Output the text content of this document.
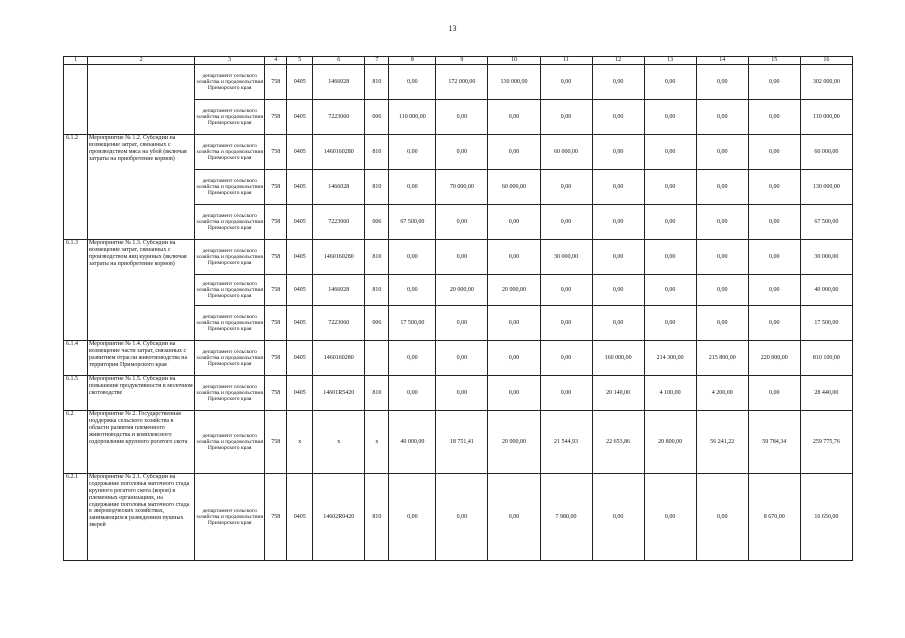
13
1	2	3	4	5	6	7	8	9	10	11	12	13	14	15	16
		департамент сельского хозяйства и продовольствия Приморского края	758	0405	1466028	810	0,00	172 000,00	130 000,00	0,00	0,00	0,00	0,00	0,00	302 000,00
		департамент сельского хозяйства и продовольствия Приморского края	758	0405	7223060	006	110 000,00	0,00	0,00	0,00	0,00	0,00	0,00	0,00	110 000,00
6.1.2	Мероприятие № 1.2. Субсидии на возмещение затрат, связанных с производством мяса на убой (включая затраты на приобретение кормов)	департамент сельского хозяйства и продовольствия Приморского края	758	0405	1460160280	810	0,00	0,00	0,00	60 000,00	0,00	0,00	0,00	0,00	60 000,00
		департамент сельского хозяйства и продовольствия Приморского края	758	0405	1466028	810	0,00	70 000,00	60 000,00	0,00	0,00	0,00	0,00	0,00	130 000,00
		департамент сельского хозяйства и продовольствия Приморского края	758	0405	7223060	006	67 500,00	0,00	0,00	0,00	0,00	0,00	0,00	0,00	67 500,00
6.1.3	Мероприятие № 1.3. Субсидии на возмещение затрат, связанных с производством яиц куриных (включая затраты на приобретение кормов)	департамент сельского хозяйства и продовольствия Приморского края	758	0405	1460160280	810	0,00	0,00	0,00	30 000,00	0,00	0,00	0,00	0,00	30 000,00
		департамент сельского хозяйства и продовольствия Приморского края	758	0405	1466028	810	0,00	20 000,00	20 000,00	0,00	0,00	0,00	0,00	0,00	40 000,00
		департамент сельского хозяйства и продовольствия Приморского края	758	0405	7223060	006	17 500,00	0,00	0,00	0,00	0,00	0,00	0,00	0,00	17 500,00
6.1.4	Мероприятие № 1.4. Субсидии на возмещение части затрат, связанных с развитием отрасли животноводства на территории Приморского края	департамент сельского хозяйства и продовольствия Приморского края	758	0405	1460160280		0,00	0,00	0,00	0,00	160 000,00	214 300,00	215 800,00	220 000,00	810 100,00
6.1.5	Мероприятие № 1.5. Субсидии на повышение продуктивности в молочном скотоводстве	департамент сельского хозяйства и продовольствия Приморского края	758	0405	14601R5420	810	0,00	0,00	0,00	0,00	20 140,00	4 100,00	4 200,00	0,00	28 440,00
6.2	Мероприятие № 2. Государственная поддержка сельского хозяйства в области развития племенного животноводства и комплексного оздоровления крупного рогатого скота	департамент сельского хозяйства и продовольствия Приморского края	758	x	x	x	40 000,00	18 751,41	20 000,00	21 544,93	22 653,86	20 800,00	56 241,22	59 784,34	259 775,76
6.2.1	Мероприятие № 2.1. Субсидии на содержание поголовья маточного стада крупного рогатого скота (коров) в племенных организациях, на содержание поголовья маточного стада в звероводческих хозяйствах, занимающихся разведением пушных зверей	департамент сельского хозяйства и продовольствия Приморского края	758	0405	14602R0420	810	0,00	0,00	0,00	7 980,00	0,00	0,00	0,00	8 670,00	16 650,00
